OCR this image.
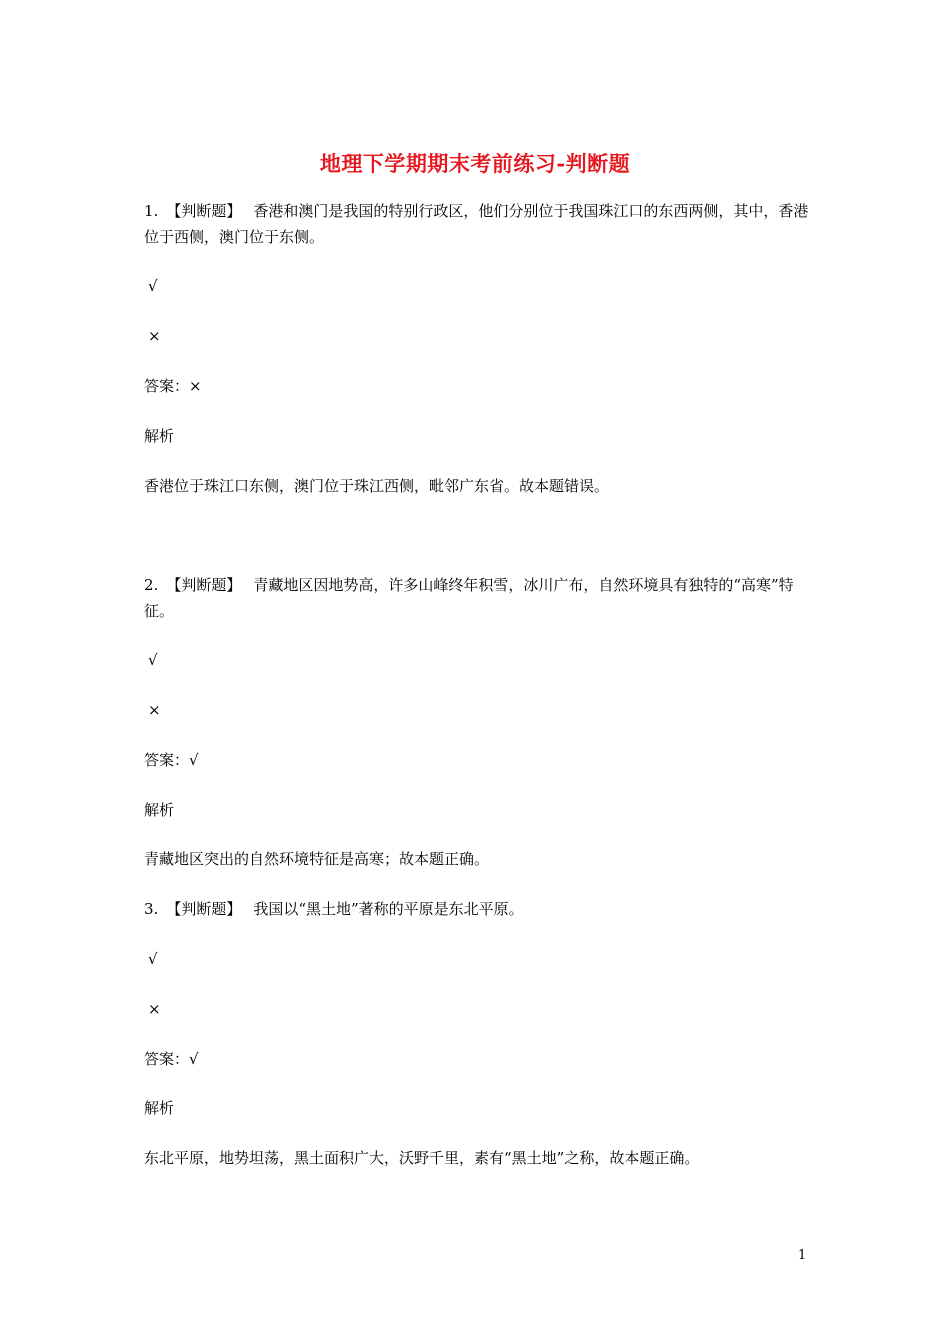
地理下学期期末考前练习-判断题
1. 【判断题】 香港和澳门是我国的特别行政区，他们分别位于我国珠江口的东西两侧，其中，香港位于西侧，澳门位于东侧。
√
×
答案：×
解析
香港位于珠江口东侧，澳门位于珠江西侧，毗邻广东省。故本题错误。
2. 【判断题】 青藏地区因地势高，许多山峰终年积雪，冰川广布，自然环境具有独特的“高寒”特征。
√
×
答案：√
解析
青藏地区突出的自然环境特征是高寒；故本题正确。
3. 【判断题】 我国以“黑土地”著称的平原是东北平原。
√
×
答案：√
解析
东北平原，地势坦荡，黑土面积广大，沃野千里，素有“黑土地”之称，故本题正确。
1
